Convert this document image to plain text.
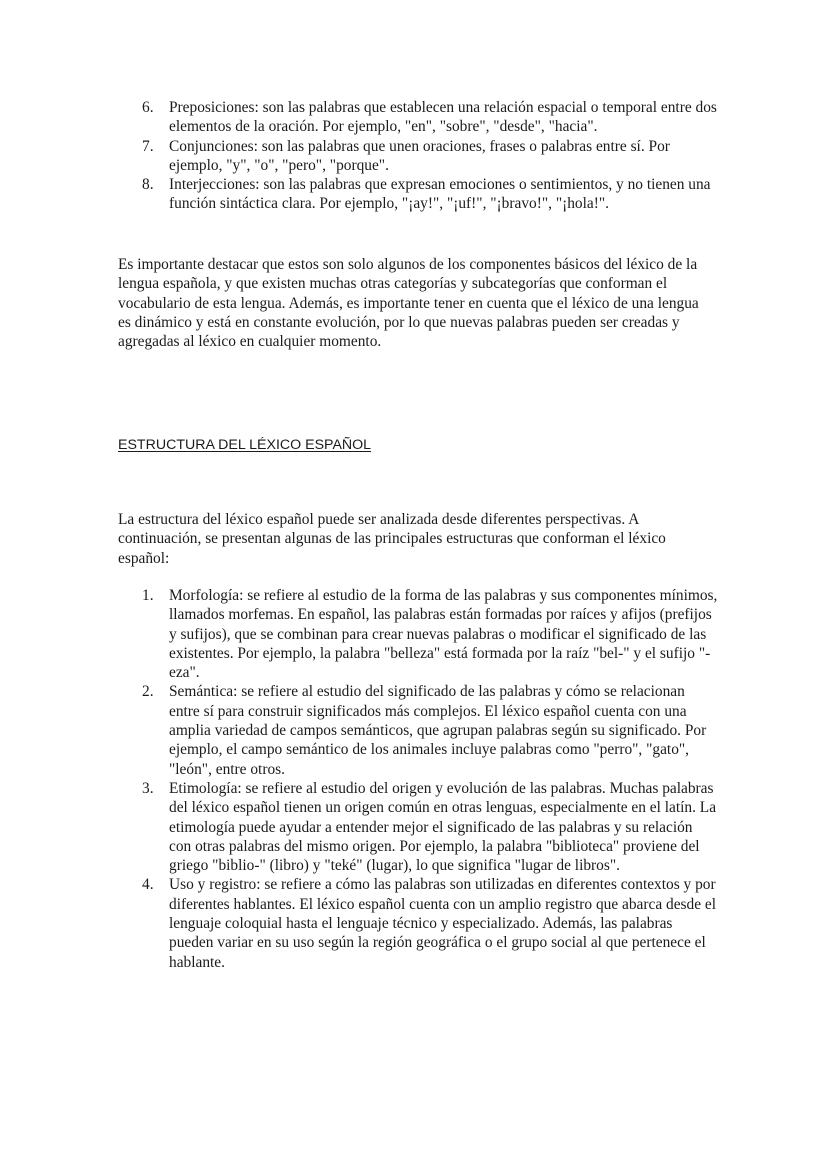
6. Preposiciones: son las palabras que establecen una relación espacial o temporal entre dos elementos de la oración. Por ejemplo, "en", "sobre", "desde", "hacia".
7. Conjunciones: son las palabras que unen oraciones, frases o palabras entre sí. Por ejemplo, "y", "o", "pero", "porque".
8. Interjecciones: son las palabras que expresan emociones o sentimientos, y no tienen una función sintáctica clara. Por ejemplo, "¡ay!", "¡uf!", "¡bravo!", "¡hola!".

Es importante destacar que estos son solo algunos de los componentes básicos del léxico de la lengua española, y que existen muchas otras categorías y subcategorías que conforman el vocabulario de esta lengua. Además, es importante tener en cuenta que el léxico de una lengua es dinámico y está en constante evolución, por lo que nuevas palabras pueden ser creadas y agregadas al léxico en cualquier momento.

ESTRUCTURA DEL LÉXICO ESPAÑOL

La estructura del léxico español puede ser analizada desde diferentes perspectivas. A continuación, se presentan algunas de las principales estructuras que conforman el léxico español:

1. Morfología: se refiere al estudio de la forma de las palabras y sus componentes mínimos, llamados morfemas. En español, las palabras están formadas por raíces y afijos (prefijos y sufijos), que se combinan para crear nuevas palabras o modificar el significado de las existentes. Por ejemplo, la palabra "belleza" está formada por la raíz "bel-" y el sufijo "-eza".
2. Semántica: se refiere al estudio del significado de las palabras y cómo se relacionan entre sí para construir significados más complejos. El léxico español cuenta con una amplia variedad de campos semánticos, que agrupan palabras según su significado. Por ejemplo, el campo semántico de los animales incluye palabras como "perro", "gato", "león", entre otros.
3. Etimología: se refiere al estudio del origen y evolución de las palabras. Muchas palabras del léxico español tienen un origen común en otras lenguas, especialmente en el latín. La etimología puede ayudar a entender mejor el significado de las palabras y su relación con otras palabras del mismo origen. Por ejemplo, la palabra "biblioteca" proviene del griego "biblio-" (libro) y "teké" (lugar), lo que significa "lugar de libros".
4. Uso y registro: se refiere a cómo las palabras son utilizadas en diferentes contextos y por diferentes hablantes. El léxico español cuenta con un amplio registro que abarca desde el lenguaje coloquial hasta el lenguaje técnico y especializado. Además, las palabras pueden variar en su uso según la región geográfica o el grupo social al que pertenece el hablante.
